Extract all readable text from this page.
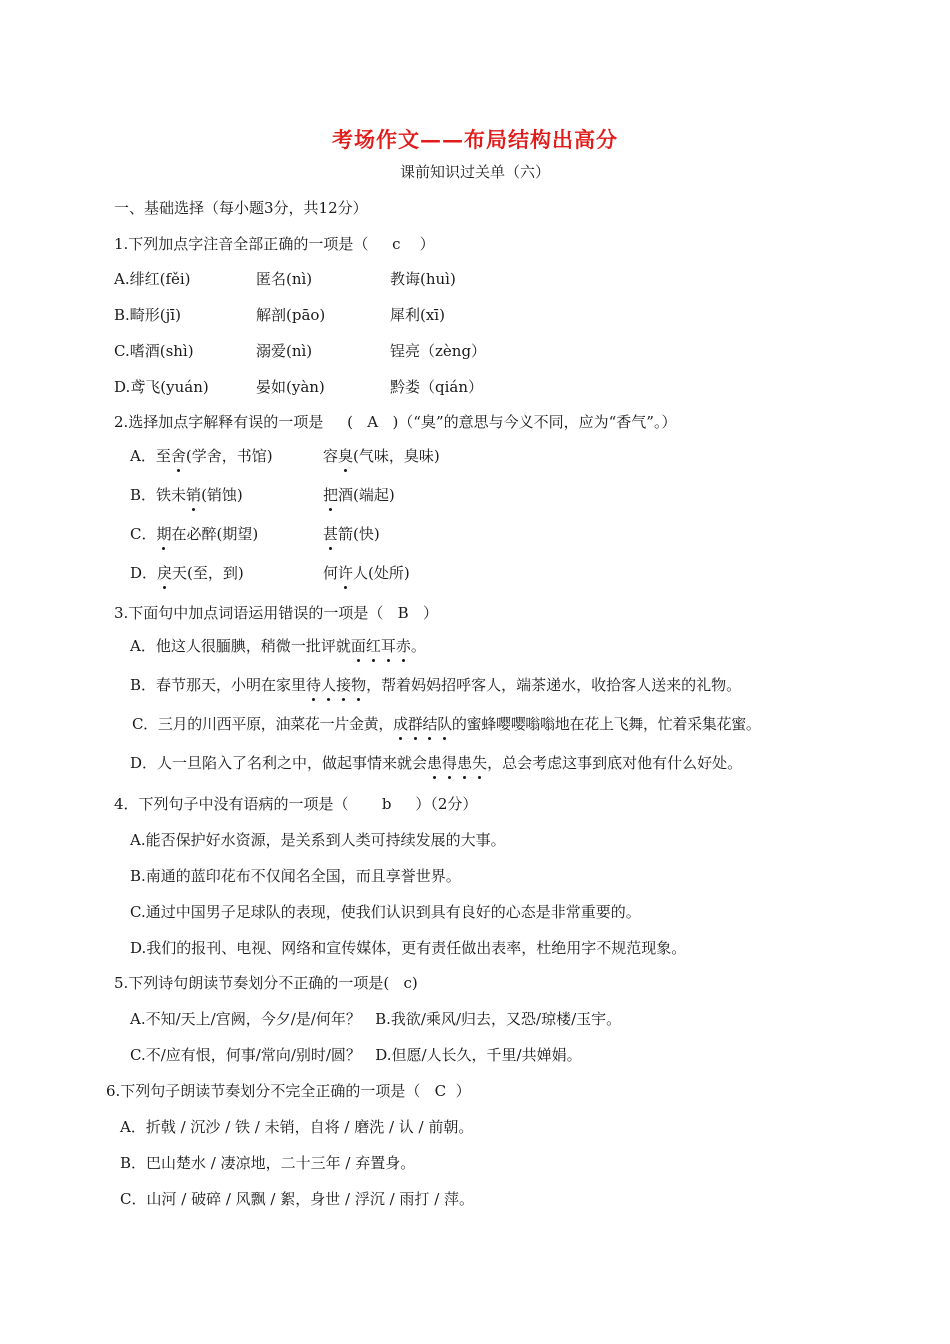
考场作文——布局结构出高分
课前知识过关单（六）
一、基础选择（每小题3分，共12分）
1.下列加点字注音全部正确的一项是（     c    ）
A.绯红(fěi)	匿名(nì)	教诲(huì)
B.畸形(jī)	解剖(pāo)	犀利(xī)
C.嗜酒(shì)	溺爱(nì)	锃亮（zèng）
D.鸢飞(yuán)	晏如(yàn)	黔娄（qián）
2.选择加点字解释有误的一项是     (   A   )（“臭”的意思与今义不同，应为“香气”。）
A．至舍(学舍，书馆)	容臭(气味，臭味)
B．铁未销(销蚀)	把酒(端起)
C．期在必醉(期望)	甚箭(快)
D．戾天(至，到)	何许人(处所)
3.下面句中加点词语运用错误的一项是（   B   ）
A．他这人很腼腆，稍微一批评就面红耳赤。
B．春节那天，小明在家里待人接物，帮着妈妈招呼客人，端茶递水，收拾客人送来的礼物。
C．三月的川西平原，油菜花一片金黄，成群结队的蜜蜂嘤嘤嗡嗡地在花上飞舞，忙着采集花蜜。
D．人一旦陷入了名利之中，做起事情来就会患得患失，总会考虑这事到底对他有什么好处。
4．下列句子中没有语病的一项是（       b     ）（2分）
A.能否保护好水资源，是关系到人类可持续发展的大事。
B.南通的蓝印花布不仅闻名全国，而且享誉世界。
C.通过中国男子足球队的表现，使我们认识到具有良好的心态是非常重要的。
D.我们的报刊、电视、网络和宣传媒体，更有责任做出表率，杜绝用字不规范现象。
5.下列诗句朗读节奏划分不正确的一项是(   c)
A.不知/天上/宫阙，今夕/是/何年？   B.我欲/乘风/归去，又恐/琼楼/玉宇。
C.不/应有恨，何事/常向/别时/圆？   D.但愿/人长久，千里/共婵娟。
6.下列句子朗读节奏划分不完全正确的一项是（   C  ）
A．折戟 / 沉沙 / 铁 / 未销，自将 / 磨洗 / 认 / 前朝。
B．巴山楚水 / 凄凉地，二十三年 / 弃置身。
C．山河 / 破碎 / 风飘 / 絮，身世 / 浮沉 / 雨打 / 萍。
